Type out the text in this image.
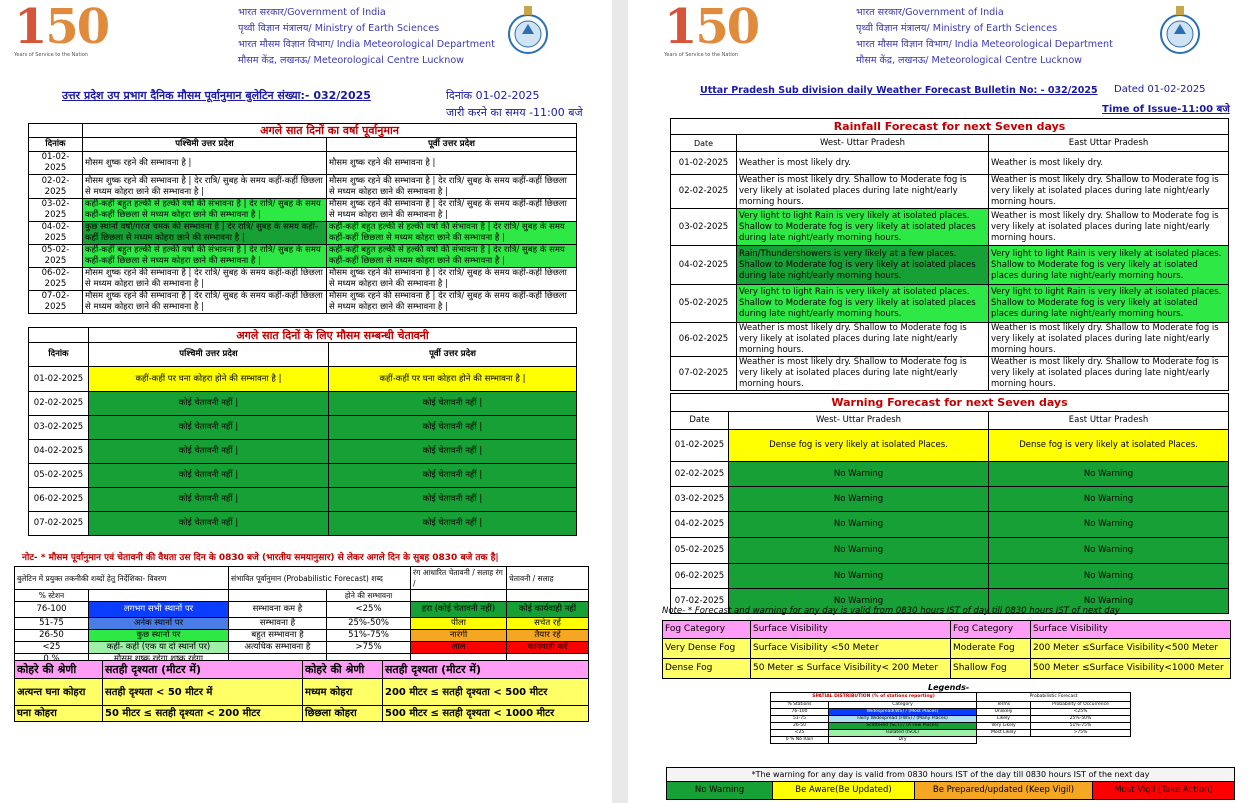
150
Years of Service to the Nation
भारत सरकार/Government of India
पृथ्वी विज्ञान मंत्रालय/ Ministry of Earth Sciences
भारत मौसम विज्ञान विभाग/ India Meteorological Department
मौसम केंद्र, लखनऊ/ Meteorological Centre Lucknow
उत्तर प्रदेश उप प्रभाग दैनिक मौसम पूर्वानुमान बुलेटिन संख्या:- 032/2025	दिनांक 01-02-2025
जारी करने का समय -11:00 बजे
	अगले सात दिनों का वर्षा पूर्वानुमान	
दिनांक	पश्चिमी उत्तर प्रदेश	पूर्वी उत्तर प्रदेश
01-02-2025	मौसम शुष्क रहने की सम्भावना है |	मौसम शुष्क रहने की सम्भावना है |
02-02-2025	मौसम शुष्क रहने की सम्भावना है | देर रात्रि/ सुबह के समय कहीं-कहीं छिछला से मध्यम कोहरा छाने की सम्भावना है |	मौसम शुष्क रहने की सम्भावना है | देर रात्रि/ सुबह के समय कहीं-कहीं छिछला से मध्यम कोहरा छाने की सम्भावना है |
03-02-2025	कहीं-कहीं बहुत हल्की से हल्की वर्षा की संभावना है | देर रात्रि/ सुबह के समय कहीं-कहीं छिछला से मध्यम कोहरा छाने की सम्भावना है |	मौसम शुष्क रहने की सम्भावना है | देर रात्रि/ सुबह के समय कहीं-कहीं छिछला से मध्यम कोहरा छाने की सम्भावना है |
04-02-2025	कुछ स्थानों वर्षा/गरज चमक की सम्भावना है | देर रात्रि/ सुबह के समय कहीं-कहीं छिछला से मध्यम कोहरा छाने की सम्भावना है |	कहीं-कहीं बहुत हल्की से हल्की वर्षा की संभावना है | देर रात्रि/ सुबह के समय कहीं-कहीं छिछला से मध्यम कोहरा छाने की सम्भावना है |
05-02-2025	कहीं-कहीं बहुत हल्की से हल्की वर्षा की संभावना है | देर रात्रि/ सुबह के समय कहीं-कहीं छिछला से मध्यम कोहरा छाने की सम्भावना है |	कहीं-कहीं बहुत हल्की से हल्की वर्षा की संभावना है | देर रात्रि/ सुबह के समय कहीं-कहीं छिछला से मध्यम कोहरा छाने की सम्भावना है |
06-02-2025	मौसम शुष्क रहने की सम्भावना है | देर रात्रि/ सुबह के समय कहीं-कहीं छिछला से मध्यम कोहरा छाने की सम्भावना है |	मौसम शुष्क रहने की सम्भावना है | देर रात्रि/ सुबह के समय कहीं-कहीं छिछला से मध्यम कोहरा छाने की सम्भावना है |
07-02-2025	मौसम शुष्क रहने की सम्भावना है | देर रात्रि/ सुबह के समय कहीं-कहीं छिछला से मध्यम कोहरा छाने की सम्भावना है |	मौसम शुष्क रहने की सम्भावना है | देर रात्रि/ सुबह के समय कहीं-कहीं छिछला से मध्यम कोहरा छाने की सम्भावना है |
	अगले सात दिनों के लिए मौसम सम्बन्धी चेतावनी	
दिनांक	पश्चिमी उत्तर प्रदेश	पूर्वी उत्तर प्रदेश
01-02-2025	कहीं-कहीं पर घना कोहरा होने की सम्भावना है |	कहीं-कहीं पर घना कोहरा होने की सम्भावना है |
02-02-2025	कोई चेतावनी नहीं |	कोई चेतावनी नहीं |
03-02-2025	कोई चेतावनी नहीं |	कोई चेतावनी नहीं |
04-02-2025	कोई चेतावनी नहीं |	कोई चेतावनी नहीं |
05-02-2025	कोई चेतावनी नहीं |	कोई चेतावनी नहीं |
06-02-2025	कोई चेतावनी नहीं |	कोई चेतावनी नहीं |
07-02-2025	कोई चेतावनी नहीं |	कोई चेतावनी नहीं |
नोट- * मौसम पूर्वानुमान एवं चेतावनी की वैधता उस दिन के 0830 बजे (भारतीय समयानुसार) से लेकर अगले दिन के सुबह 0830 बजे तक है|
बुलेटिन में प्रयुक्त तकनीकी शब्दों हेतु निर्देशिका- विवरण		संभावित पूर्वानुमान (Probabilistic Forecast) शब्द		रंग आधारित चेतावनी / सलाह रंग /	चेतावनी / सलाह
% स्टेशन			होने की सम्भावना		
76-100	लगभग सभी स्थानों पर	सम्भावना कम है	<25%	हरा (कोई चेतावनी नहीं)	कोई कार्यवाही नहीं
51-75	अनेक स्थानों पर	सम्भावना है	25%-50%	पीला	सचेत रहें
26-50	कुछ स्थानों पर	बहुत सम्भावना है	51%-75%	नारंगी	तैयार रहें
<25	कहीं- कहीं (एक या दो स्थानों पर)	अत्यधिक सम्भावना है	>75%	लाल	कार्यवाही करें
0 %	मौसम शुष्क रहेगा शुष्क रहेगा				
कोहरे की श्रेणी	सतही दृश्यता (मीटर में)	कोहरे की श्रेणी	सतही दृश्यता (मीटर में)
अत्यन्त घना कोहरा	सतही दृश्यता < 50 मीटर में	मध्यम कोहरा	200 मीटर ≤ सतही दृश्यता < 500 मीटर
घना कोहरा	50 मीटर ≤ सतही दृश्यता < 200 मीटर	छिछला कोहरा	500 मीटर ≤ सतही दृश्यता < 1000 मीटर
150
Years of Service to the Nation
भारत सरकार/Government of India
पृथ्वी विज्ञान मंत्रालय/ Ministry of Earth Sciences
भारत मौसम विज्ञान विभाग/ India Meteorological Department
मौसम केंद्र, लखनऊ/ Meteorological Centre Lucknow
Uttar Pradesh Sub division daily Weather Forecast Bulletin No: - 032/2025 Dated 01-02-2025
Time of Issue-11:00 बजे
Rainfall Forecast for next Seven days		
Date	West- Uttar Pradesh	East Uttar Pradesh
01-02-2025	Weather is most likely dry.	Weather is most likely dry.
02-02-2025	Weather is most likely dry. Shallow to Moderate fog is very likely at isolated places during late night/early morning hours.	Weather is most likely dry. Shallow to Moderate fog is very likely at isolated places during late night/early morning hours.
03-02-2025	Very light to light Rain is very likely at isolated places. Shallow to Moderate fog is very likely at isolated places during late night/early morning hours.	Weather is most likely dry. Shallow to Moderate fog is very likely at isolated places during late night/early morning hours.
04-02-2025	Rain/Thundershowers is very likely at a few places. Shallow to Moderate fog is very likely at isolated places during late night/early morning hours.	Very light to light Rain is very likely at isolated places. Shallow to Moderate fog is very likely at isolated places during late night/early morning hours.
05-02-2025	Very light to light Rain is very likely at isolated places. Shallow to Moderate fog is very likely at isolated places during late night/early morning hours.	Very light to light Rain is very likely at isolated places. Shallow to Moderate fog is very likely at isolated places during late night/early morning hours.
06-02-2025	Weather is most likely dry. Shallow to Moderate fog is very likely at isolated places during late night/early morning hours.	Weather is most likely dry. Shallow to Moderate fog is very likely at isolated places during late night/early morning hours.
07-02-2025	Weather is most likely dry. Shallow to Moderate fog is very likely at isolated places during late night/early morning hours.	Weather is most likely dry. Shallow to Moderate fog is very likely at isolated places during late night/early morning hours.
Warning Forecast for next Seven days		
Date	West- Uttar Pradesh	East Uttar Pradesh
01-02-2025	Dense fog is very likely at isolated Places.	Dense fog is very likely at isolated Places.
02-02-2025	No Warning	No Warning
03-02-2025	No Warning	No Warning
04-02-2025	No Warning	No Warning
05-02-2025	No Warning	No Warning
06-02-2025	No Warning	No Warning
07-02-2025	No Warning	No Warning
Note- * Forecast and warning for any day is valid from 0830 hours IST of day till 0830 hours IST of next day
Fog Category	Surface Visibility	Fog Category	Surface Visibility
Very Dense Fog	Surface Visibility <50 Meter	Moderate Fog	200 Meter ≤Surface Visibility<500 Meter
Dense Fog	50 Meter ≤ Surface Visibility< 200 Meter	Shallow Fog	500 Meter ≤Surface Visibility<1000 Meter
Legends-
SPATIAL DISTRIBUTION (% of stations reporting)	
% Stations	Category
76-100	Widespread(WS) / (Most Places)
51-75	Fairly Widespread (FWS) / (Many Places)
26-50	Scattered (SCT) / (A Few Places)
<25	Isolated (ISOL)
0 % No Rain	Dry
Probabilistic Forecast	
Terms	Probability of Occurrence
Unlikely	<25%
Likely	25%-50%
Very Likely	51%-75%
Most Likely	>75%
*The warning for any day is valid from 0830 hours IST of the day till 0830 hours IST of the next day
No Warning	Be Aware(Be Updated)	Be Prepared/updated (Keep Vigil)	Most Vigil (Take Action)
